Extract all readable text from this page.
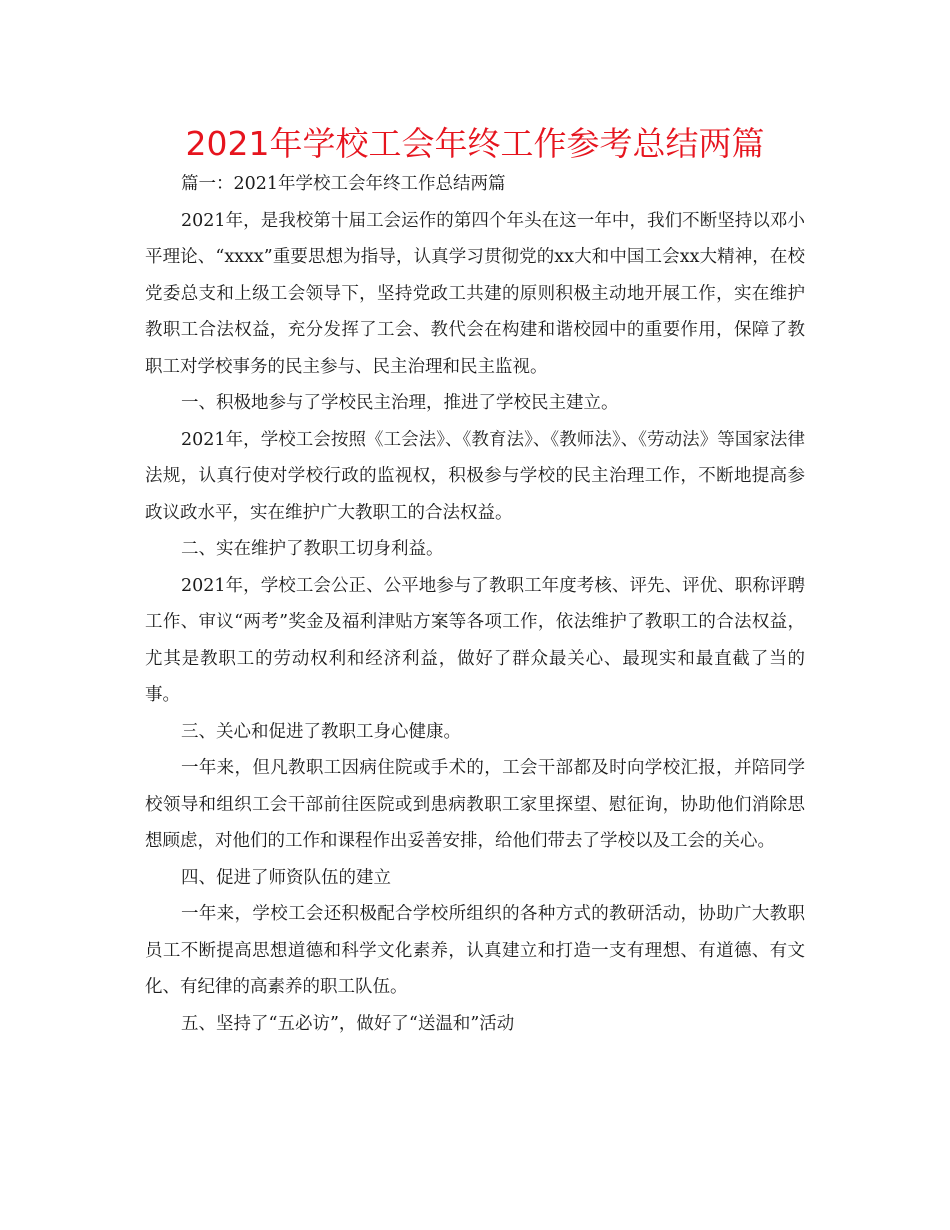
2021年学校工会年终工作参考总结两篇

篇一：2021年学校工会年终工作总结两篇

2021年，是我校第十届工会运作的第四个年头在这一年中，我们不断坚持以邓小平理论、“xxxx”重要思想为指导，认真学习贯彻党的xx大和中国工会xx大精神，在校党委总支和上级工会领导下，坚持党政工共建的原则积极主动地开展工作，实在维护教职工合法权益，充分发挥了工会、教代会在构建和谐校园中的重要作用，保障了教职工对学校事务的民主参与、民主治理和民主监视。

一、积极地参与了学校民主治理，推进了学校民主建立。

2021年，学校工会按照《工会法》、《教育法》、《教师法》、《劳动法》等国家法律法规，认真行使对学校行政的监视权，积极参与学校的民主治理工作，不断地提高参政议政水平，实在维护广大教职工的合法权益。

二、实在维护了教职工切身利益。

2021年，学校工会公正、公平地参与了教职工年度考核、评先、评优、职称评聘工作、审议“两考”奖金及福利津贴方案等各项工作，依法维护了教职工的合法权益，尤其是教职工的劳动权利和经济利益，做好了群众最关心、最现实和最直截了当的事。

三、关心和促进了教职工身心健康。

一年来，但凡教职工因病住院或手术的，工会干部都及时向学校汇报，并陪同学校领导和组织工会干部前往医院或到患病教职工家里探望、慰征询，协助他们消除思想顾虑，对他们的工作和课程作出妥善安排，给他们带去了学校以及工会的关心。

四、促进了师资队伍的建立

一年来，学校工会还积极配合学校所组织的各种方式的教研活动，协助广大教职员工不断提高思想道德和科学文化素养，认真建立和打造一支有理想、有道德、有文化、有纪律的高素养的职工队伍。

五、坚持了“五必访”，做好了“送温和”活动
